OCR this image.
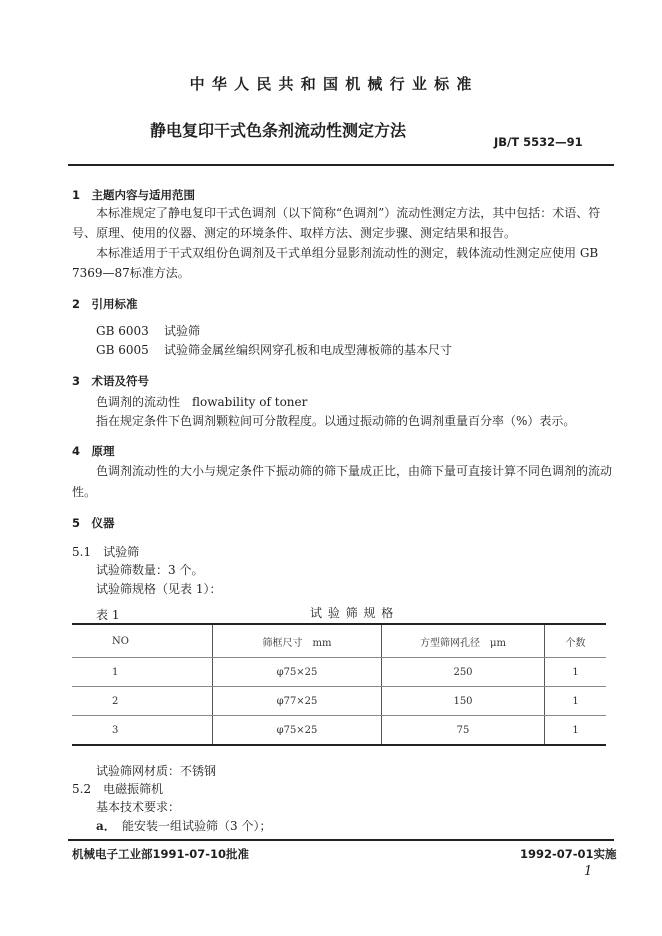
中 华 人 民 共 和 国 机 械 行 业 标 准
静电复印干式色条剂流动性测定方法
JB/T 5532—91
1　主题内容与适用范围
本标准规定了静电复印干式色调剂（以下简称“色调剂”）流动性测定方法，其中包括：术语、符
号、原理、使用的仪器、测定的环境条件、取样方法、测定步骤、测定结果和报告。
本标准适用于干式双组份色调剂及干式单组分显影剂流动性的测定，载体流动性测定应使用 GB
7369—87标准方法。
2　引用标准
GB 6003 试验筛
GB 6005 试验筛金属丝编织网穿孔板和电成型薄板筛的基本尺寸
3　术语及符号
色调剂的流动性　flowability of toner
指在规定条件下色调剂颗粒间可分散程度。以通过振动筛的色调剂重量百分率（%）表示。
4　原理
色调剂流动性的大小与规定条件下振动筛的筛下量成正比，由筛下量可直接计算不同色调剂的流动
性。
5　仪器
5.1　试验筛
试验筛数量：3 个。
试验筛规格（见表 1）：
表 1	试 验 筛 规 格
NO	筛框尺寸　mm	方型筛网孔径　μm	个数
1	φ75×25	250	1
2	φ77×25	150	1
3	φ75×25	75	1
试验筛网材质：不锈钢
5.2　电磁振筛机
基本技术要求：
a． 能安装一组试验筛（3 个）；
机械电子工业部1991-07-10批准	1992-07-01实施
1
